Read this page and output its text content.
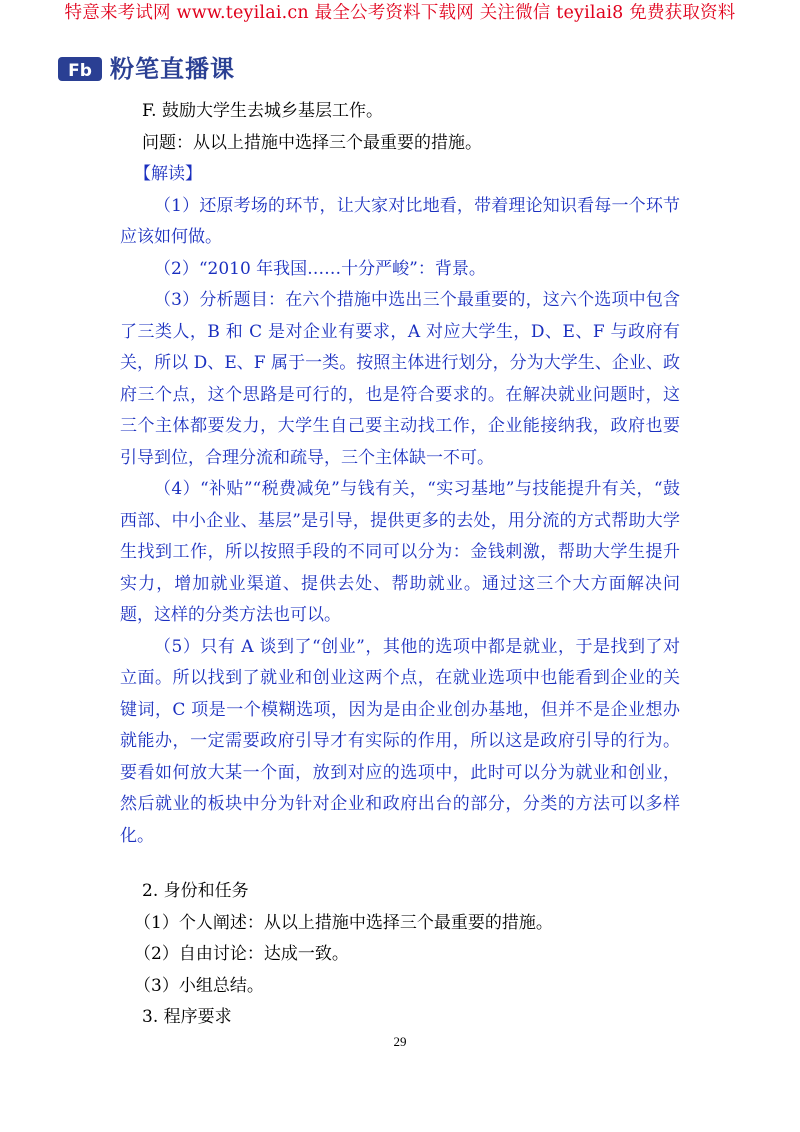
特意来考试网 www.teyilai.cn 最全公考资料下载网 关注微信 teyilai8 免费获取资料
Fb 粉笔直播课
F. 鼓励大学生去城乡基层工作。
问题：从以上措施中选择三个最重要的措施。
【解读】

（1）还原考场的环节，让大家对比地看，带着理论知识看每一个环节应该如何做。

（2）“2010 年我国……十分严峻”：背景。

（3）分析题目：在六个措施中选出三个最重要的，这六个选项中包含了三类人，B 和 C 是对企业有要求，A 对应大学生，D、E、F 与政府有关，所以 D、E、F 属于一类。按照主体进行划分，分为大学生、企业、政府三个点，这个思路是可行的，也是符合要求的。在解决就业问题时，这三个主体都要发力，大学生自己要主动找工作，企业能接纳我，政府也要引导到位，合理分流和疏导，三个主体缺一不可。

（4）“补贴”“税费减免”与钱有关，“实习基地”与技能提升有关，“鼓西部、中小企业、基层”是引导，提供更多的去处，用分流的方式帮助大学生找到工作，所以按照手段的不同可以分为：金钱刺激，帮助大学生提升实力，增加就业渠道、提供去处、帮助就业。通过这三个大方面解决问题，这样的分类方法也可以。

（5）只有 A 谈到了“创业”，其他的选项中都是就业，于是找到了对立面。所以找到了就业和创业这两个点，在就业选项中也能看到企业的关键词，C 项是一个模糊选项，因为是由企业创办基地，但并不是企业想办就能办，一定需要政府引导才有实际的作用，所以这是政府引导的行为。要看如何放大某一个面，放到对应的选项中，此时可以分为就业和创业，然后就业的板块中分为针对企业和政府出台的部分，分类的方法可以多样化。

2. 身份和任务
（1）个人阐述：从以上措施中选择三个最重要的措施。
（2）自由讨论：达成一致。
（3）小组总结。
3. 程序要求
29
